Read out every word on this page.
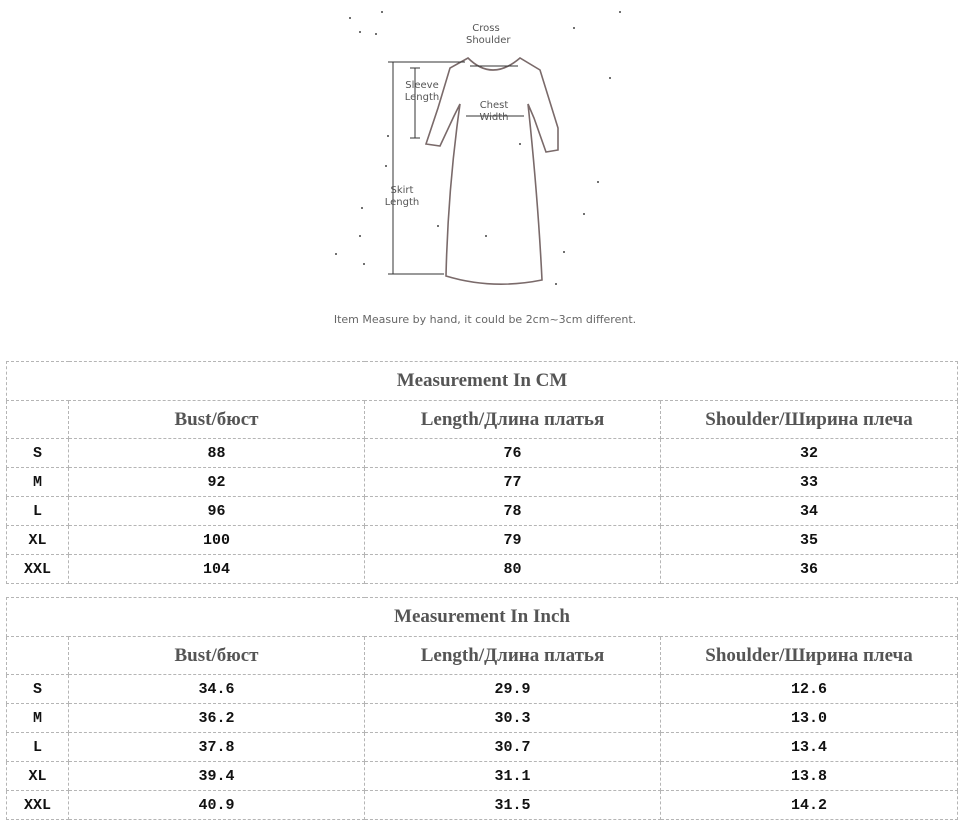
Cross
Shoulder
Sleeve
Length
Chest
Width
Skirt
Length
Item Measure by hand, it could be 2cm~3cm different.
Measurement In CM			
	Bust/бюст	Length/Длина платья	Shoulder/Ширина плеча
S	88	76	32
M	92	77	33
L	96	78	34
XL	100	79	35
XXL	104	80	36
Measurement In Inch			
	Bust/бюст	Length/Длина платья	Shoulder/Ширина плеча
S	34.6	29.9	12.6
M	36.2	30.3	13.0
L	37.8	30.7	13.4
XL	39.4	31.1	13.8
XXL	40.9	31.5	14.2
